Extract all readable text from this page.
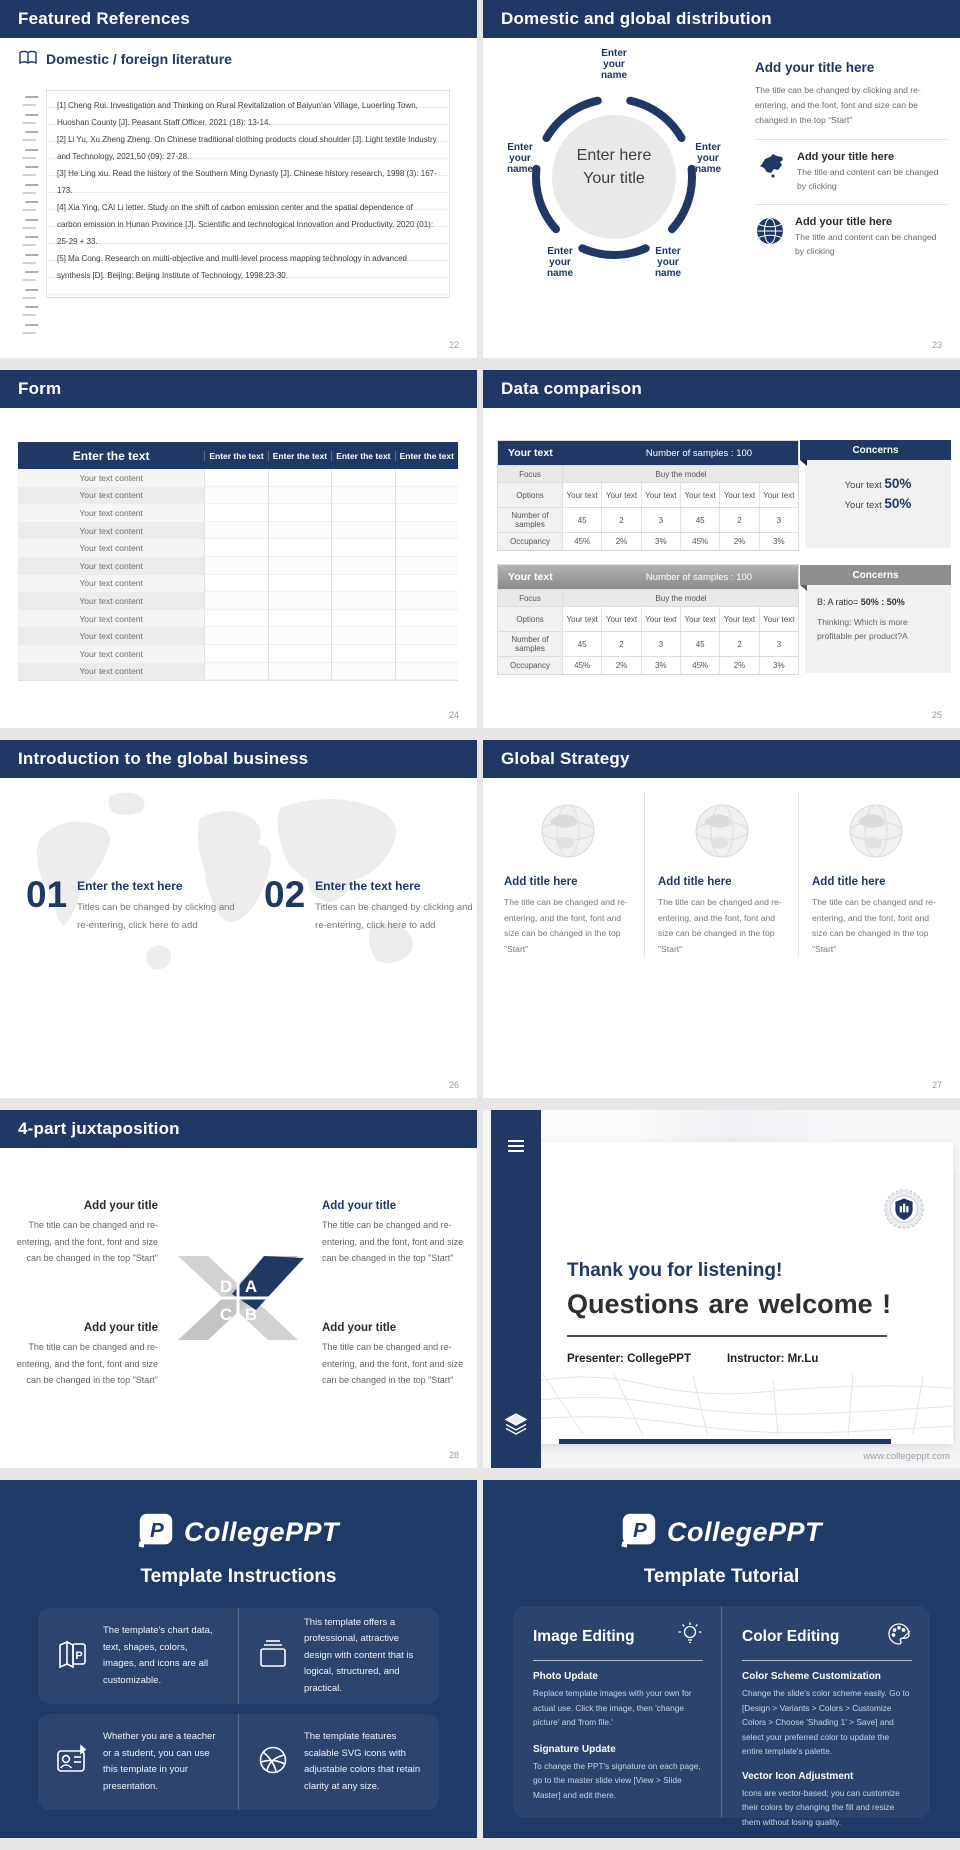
Featured References
Domestic / foreign literature
[1] Cheng Rui. Investigation and Thinking on Rural Revitalization of Baiyun'an Village, Luoerling Town, Huoshan County [J]. Peasant Staff Officer, 2021 (18): 13-14.
[2] Li Yu, Xu Zheng Zheng. On Chinese traditional clothing products cloud shoulder [J]. Light textile Industry and Technology, 2021,50 (09): 27-28.
[3] He Ling xiu. Read the history of the Southern Ming Dynasty [J]. Chinese history research, 1998 (3): 167-173.
[4] Xia Ying, CAI Li letter. Study on the shift of carbon emission center and the spatial dependence of carbon emission in Hunan Province [J]. Scientific and technological Innovation and Productivity, 2020 (01): 25-29 + 33.
[5] Ma Cong. Research on multi-objective and multi-level process mapping technology in advanced synthesis [D]. Beijing: Beijing Institute of Technology, 1998:23-30.
22
Domestic and global distribution
Enter here
Your title
Enter your name
Enter your name
Enter your name
Enter your name
Enter your name
Add your title here
The title can be changed by clicking and re-entering, and the font, font and size can be changed in the top "Start"
Add your title here

The title and content can be changed by clicking

Add your title here

The title and content can be changed by clicking

23
Form
Enter the text	Enter the text	Enter the text	Enter the text	Enter the text
Your text content
Your text content
Your text content
Your text content
Your text content
Your text content
Your text content
Your text content
Your text content
Your text content
Your text content
Your text content
24
Data comparison
Your text	Number of samples : 100
Focus	Buy the model
Options	Your text	Your text	Your text	Your text	Your text	Your text
Number of samples	45	2	3	45	2	3
Occupancy	45%	2%	3%	45%	2%	3%
Your text	Number of samples : 100
Focus	Buy the model
Options	Your text	Your text	Your text	Your text	Your text	Your text
Number of samples	45	2	3	45	2	3
Occupancy	45%	2%	3%	45%	2%	3%
Concerns
Your text 50%
Your text 50%
Concerns
B: A ratio= 50% : 50%
Thinking: Which is more profitable per product?A
25
Introduction to the global business
01 Enter the text here
Titles can be changed by clicking and re-entering, click here to add
02 Enter the text here
Titles can be changed by clicking and re-entering, click here to add
26
Global Strategy
Add title here
The title can be changed and re-entering, and the font, font and size can be changed in the top "Start"
Add title here
The title can be changed and re-entering, and the font, font and size can be changed in the top "Start"
Add title here
The title can be changed and re-entering, and the font, font and size can be changed in the top "Start"
27
4-part juxtaposition
Add your title

The title can be changed and re-entering, and the font, font and size can be changed in the top "Start"

Add your title

The title can be changed and re-entering, and the font, font and size can be changed in the top "Start"

Add your title

The title can be changed and re-entering, and the font, font and size can be changed in the top "Start"

Add your title

The title can be changed and re-entering, and the font, font and size can be changed in the top "Start"

D A
C B
28
Thank you for listening!
Questions are welcome !
Presenter: CollegePPT	Instructor: Mr.Lu
www.collegeppt.com
P CollegePPT
Template Instructions
P

The template's chart data, text, shapes, colors, images, and icons are all customizable.

This template offers a professional, attractive design with content that is logical, structured, and practical.

Whether you are a teacher or a student, you can use this template in your presentation.

The template features scalable SVG icons with adjustable colors that retain clarity at any size.

P CollegePPT
Template Tutorial
Image Editing
Photo Update
Replace template images with your own for actual use. Click the image, then 'change picture' and 'from file.'
Signature Update
To change the PPT's signature on each page, go to the master slide view [View > Slide Master] and edit there.
Color Editing
Color Scheme Customization
Change the slide's color scheme easily. Go to [Design > Variants > Colors > Customize Colors > Choose 'Shading 1' > Save] and select your preferred color to update the entire template's palette.
Vector Icon Adjustment
Icons are vector-based; you can customize their colors by changing the fill and resize them without losing quality.
